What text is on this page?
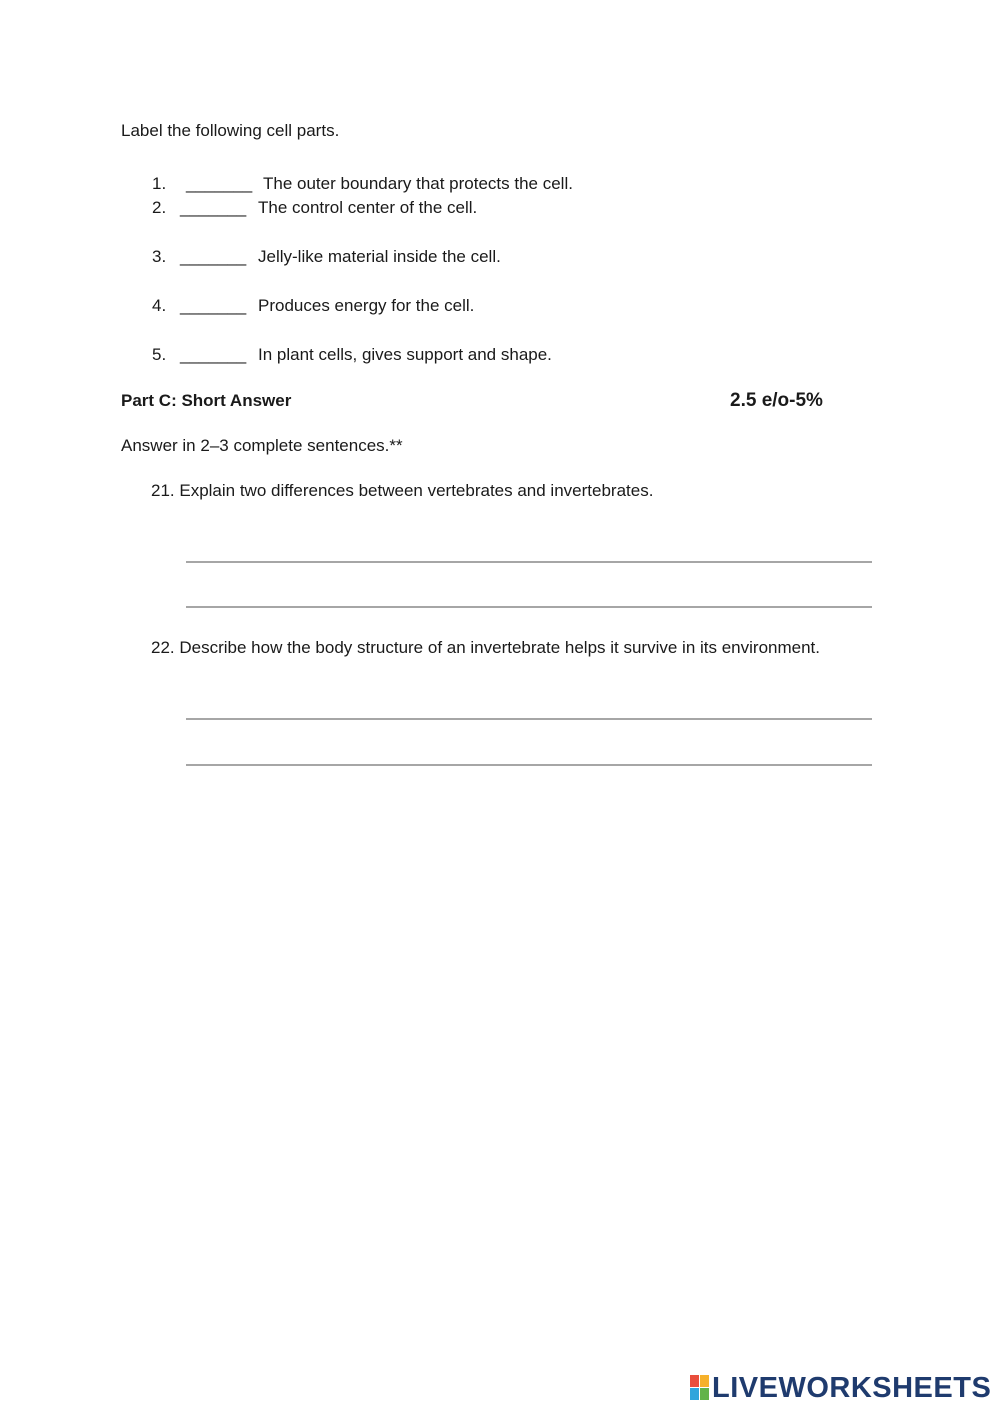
Label the following cell parts.
1. _______ The outer boundary that protects the cell.
2. _______ The control center of the cell.
3. _______ Jelly-like material inside the cell.
4. _______ Produces energy for the cell.
5. _______ In plant cells, gives support and shape.
Part C: Short Answer	2.5 e/o-5%
Answer in 2–3 complete sentences.**
21. Explain two differences between vertebrates and invertebrates.
22. Describe how the body structure of an invertebrate helps it survive in its environment.
LIVEWORKSHEETS
